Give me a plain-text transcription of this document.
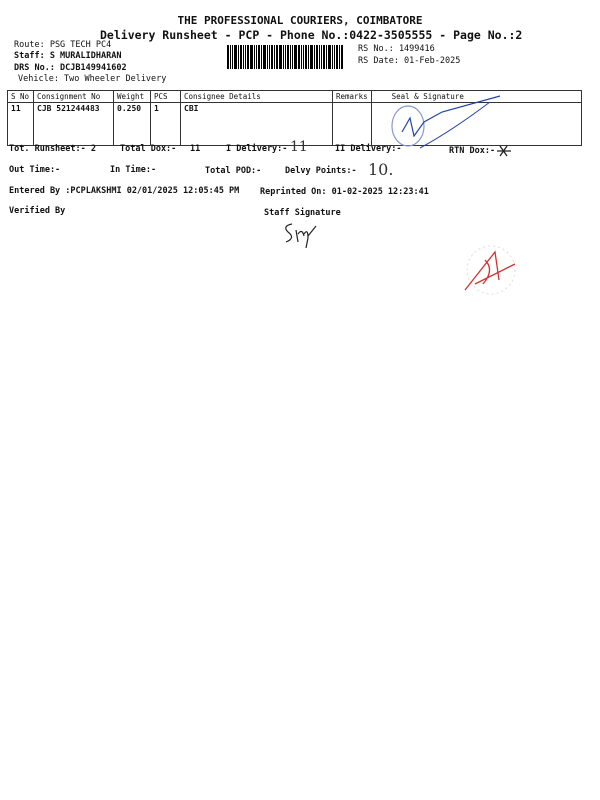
THE PROFESSIONAL COURIERS, COIMBATORE
Delivery Runsheet - PCP - Phone No.:0422-3505555 - Page No.:2
Route: PSG TECH PC4
Staff: S MURALIDHARAN
DRS No.: DCJB149941602
Vehicle: Two Wheeler Delivery
RS No.: 1499416
RS Date: 01-Feb-2025
S No	Consignment No	Weight	PCS	Consignee Details	Remarks	Seal & Signature
11	CJB 521244483	0.250	1	CBI		
Tot. Runsheet:- 2	Total Dox:- 11	I Delivery:- 11	II Delivery:-	RTN Dox:-
Out Time:-	In Time:-	Total POD:-	Delvy Points:- 10.
Entered By :PCPLAKSHMI 02/01/2025 12:05:45 PM Reprinted On: 01-02-2025 12:23:41
Verified By	Staff Signature
